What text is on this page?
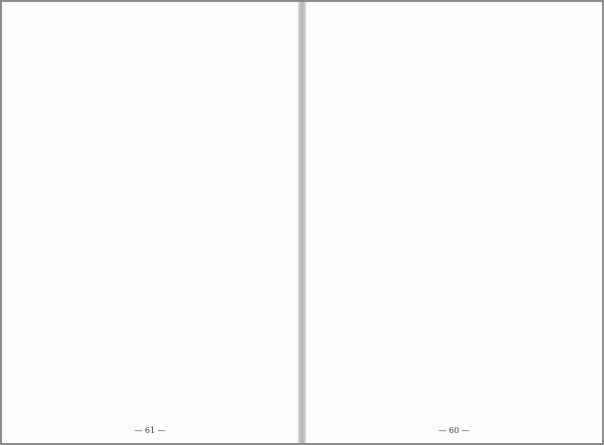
— 61 —	— 60 —
